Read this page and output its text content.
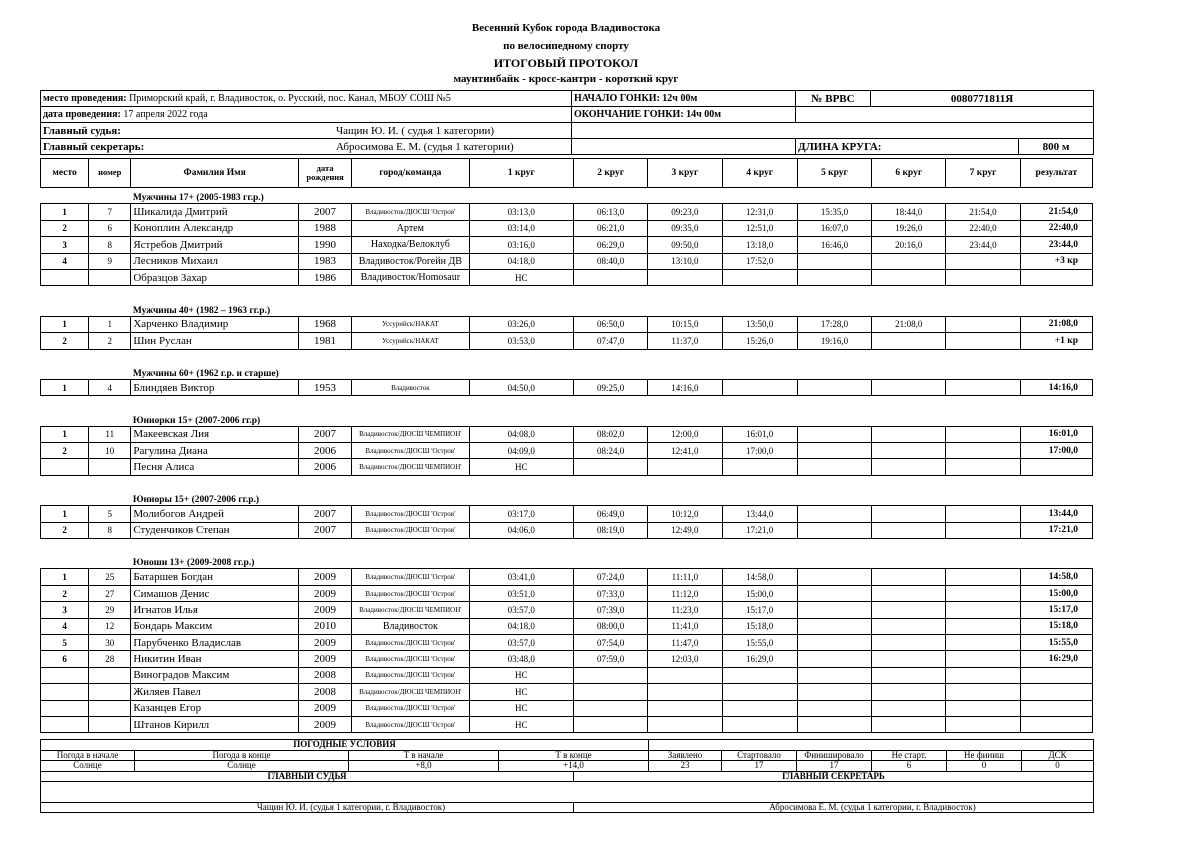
Весенний Кубок города Владивостока
по велосипедному спорту
ИТОГОВЫЙ ПРОТОКОЛ
маунтинбайк - кросс-кантри - короткий круг
место проведения: Приморский край, г. Владивосток, о. Русский, пос. Канал, МБОУ СОШ №5	НАЧАЛО ГОНКИ: 12ч 00м	№ ВРВС	0080771811Я	
дата проведения: 17 апреля 2022 года	ОКОНЧАНИЕ ГОНКИ: 14ч 00м			
Главный судья: Чащин Ю. И. ( судья 1 категории)				

Главный секретарь: Абросимова Е. М. (судья 1 категории)		ДЛИНА КРУГА:		800 м
место	номер	Фамилия Имя	дата рождения	город/команда	1 круг	2 круг	3 круг	4 круг	5 круг	6 круг	7 круг	результат
		Мужчины 17+ (2005-1983 гг.р.)										
1	7	Шикалида Дмитрий	2007	Владивосток/ДЮСШ 'Остров'	03:13,0	06:13,0	09:23,0	12:31,0	15:35,0	18:44,0	21:54,0	21:54,0
2	6	Коноплин Александр	1988	Артем	03:14,0	06:21,0	09:35,0	12:51,0	16:07,0	19:26,0	22:40,0	22:40,0
3	8	Ястребов Дмитрий	1990	Находка/Велоклуб	03:16,0	06:29,0	09:50,0	13:18,0	16:46,0	20:16,0	23:44,0	23:44,0
4	9	Лесников Михаил	1983	Владивосток/Рогейн ДВ	04:18,0	08:40,0	13:10,0	17:52,0				+3 кр
		Образцов Захар	1986	Владивосток/Homosaur	НС							

		Мужчины 40+ (1982 – 1963 гг.р.)										
1	1	Харченко Владимир	1968	Уссурийск/НАКАТ	03:26,0	06:50,0	10:15,0	13:50,0	17:28,0	21:08,0		21:08,0
2	2	Шин Руслан	1981	Уссурийск/НАКАТ	03:53,0	07:47,0	11:37,0	15:26,0	19:16,0			+1 кр

		Мужчины 60+ (1962 г.р. и старше)										
1	4	Блиндяев Виктор	1953	Владивосток	04:50,0	09:25,0	14:16,0					14:16,0

		Юниорки 15+ (2007-2006 гг.р)										
1	11	Макеевская Лия	2007	Владивосток/ДЮСШ ЧЕМПИОН'	04:08,0	08:02,0	12:00,0	16:01,0				16:01,0
2	10	Рагулина Диана	2006	Владивосток/ДЮСШ 'Остров'	04:09,0	08:24,0	12:41,0	17:00,0				17:00,0
		Песня Алиса	2006	Владивосток/ДЮСШ ЧЕМПИОН'	НС							

		Юниоры 15+ (2007-2006 гг.р.)										
1	5	Молибогов Андрей	2007	Владивосток/ДЮСШ 'Остров'	03:17,0	06:49,0	10:12,0	13:44,0				13:44,0
2	8	Студенчиков Степан	2007	Владивосток/ДЮСШ 'Остров'	04:06,0	08:19,0	12:49,0	17:21,0				17:21,0

		Юноши 13+ (2009-2008 гг.р.)										
1	25	Батаршев Богдан	2009	Владивосток/ДЮСШ 'Остров'	03:41,0	07:24,0	11:11,0	14:58,0				14:58,0
2	27	Симашов Денис	2009	Владивосток/ДЮСШ 'Остров'	03:51,0	07:33,0	11:12,0	15:00,0				15:00,0
3	29	Игнатов Илья	2009	Владивосток/ДЮСШ ЧЕМПИОН'	03:57,0	07:39,0	11:23,0	15:17,0				15:17,0
4	12	Бондарь Максим	2010	Владивосток	04:18,0	08:00,0	11:41,0	15:18,0				15:18,0
5	30	Парубченко Владислав	2009	Владивосток/ДЮСШ 'Остров'	03:57,0	07:54,0	11:47,0	15:55,0				15:55,0
6	28	Никитин Иван	2009	Владивосток/ДЮСШ 'Остров'	03:48,0	07:59,0	12:03,0	16:29,0				16:29,0
		Виноградов Максим	2008	Владивосток/ДЮСШ 'Остров'	НС							
		Жиляев Павел	2008	Владивосток/ДЮСШ ЧЕМПИОН'	НС							
		Казанцев Егор	2009	Владивосток/ДЮСШ 'Остров'	НС							
		Штанов Кирилл	2009	Владивосток/ДЮСШ 'Остров'	НС							
ПОГОДНЫЕ УСЛОВИЯ										
Погода в начале	Погода в конце	Т в начале	Т в конце		Заявлено	Стартовало	Финишировало	Не старт.	Не финиш	ДСК
Солнце	Солнце	+8,0	+14,0		23	17	17	6	0	0
ГЛАВНЫЙ СУДЬЯ				ГЛАВНЫЙ СЕКРЕТАРЬ						

Чащин Ю. И. (судья 1 категории, г. Владивосток)				Абросимова Е. М. (судья 1 категории, г. Владивосток)						
